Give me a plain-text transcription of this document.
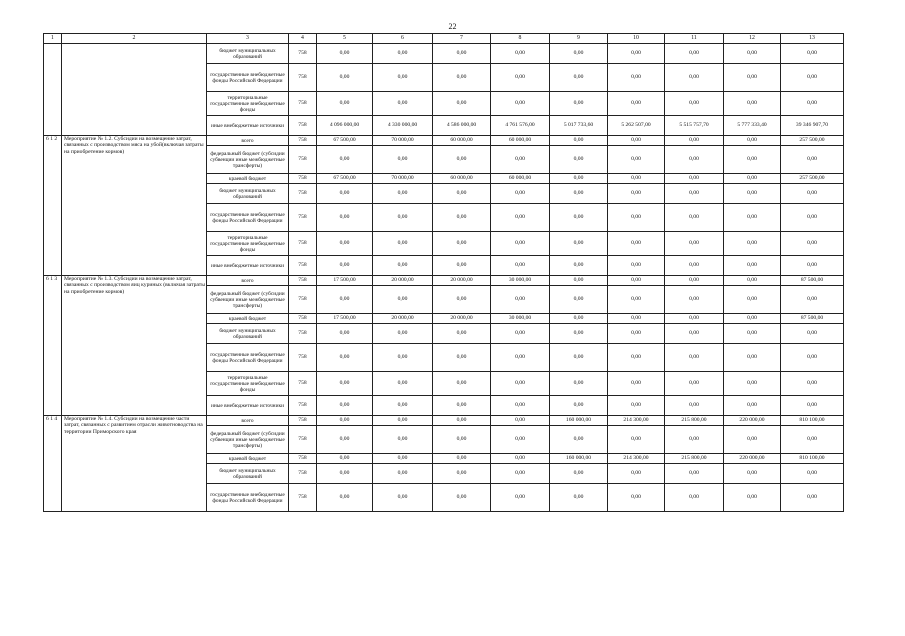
22
1	2	3	4	5	6	7	8	9	10	11	12	13
		бюджет муниципальных образований	758	0,00	0,00	0,00	0,00	0,00	0,00	0,00	0,00	0,00
		государственные внебюджетные фонды Российской Федерации	758	0,00	0,00	0,00	0,00	0,00	0,00	0,00	0,00	0,00
		территориальные государственные внебюджетные фонды	758	0,00	0,00	0,00	0,00	0,00	0,00	0,00	0,00	0,00
		иные внебюджетные источники	758	4 096 000,00	4 330 000,00	4 586 000,00	4 761 576,00	5 017 733,60	5 262 507,00	5 515 757,70	5 777 333,40	39 346 907,70
6 1 2	Мероприятие № 1.2. Субсидии на возмещение затрат, связанных с производством мяса на убой(включая затраты на приобретение кормов)	всего	758	67 500,00	70 000,00	60 000,00	60 000,00	0,00	0,00	0,00	0,00	257 500,00
		федеральный бюджет (субсидии субвенции иные межбюджетные трансферты)	758	0,00	0,00	0,00	0,00	0,00	0,00	0,00	0,00	0,00
		краевой бюджет	758	67 500,00	70 000,00	60 000,00	60 000,00	0,00	0,00	0,00	0,00	257 500,00
		бюджет муниципальных образований	758	0,00	0,00	0,00	0,00	0,00	0,00	0,00	0,00	0,00
		государственные внебюджетные фонды Российской Федерации	758	0,00	0,00	0,00	0,00	0,00	0,00	0,00	0,00	0,00
		территориальные государственные внебюджетные фонды	758	0,00	0,00	0,00	0,00	0,00	0,00	0,00	0,00	0,00
		иные внебюджетные источники	758	0,00	0,00	0,00	0,00	0,00	0,00	0,00	0,00	0,00
6 1 3	Мероприятие № 1.3. Субсидии на возмещение затрат, связанных с производством яиц куриных (включая затраты на приобретение кормов)	всего	758	17 500,00	20 000,00	20 000,00	30 000,00	0,00	0,00	0,00	0,00	87 500,00
		федеральный бюджет (субсидии субвенции иные межбюджетные трансферты)	758	0,00	0,00	0,00	0,00	0,00	0,00	0,00	0,00	0,00
		краевой бюджет	758	17 500,00	20 000,00	20 000,00	30 000,00	0,00	0,00	0,00	0,00	87 500,00
		бюджет муниципальных образований	758	0,00	0,00	0,00	0,00	0,00	0,00	0,00	0,00	0,00
		государственные внебюджетные фонды Российской Федерации	758	0,00	0,00	0,00	0,00	0,00	0,00	0,00	0,00	0,00
		территориальные государственные внебюджетные фонды	758	0,00	0,00	0,00	0,00	0,00	0,00	0,00	0,00	0,00
		иные внебюджетные источники	758	0,00	0,00	0,00	0,00	0,00	0,00	0,00	0,00	0,00
6 1 4	Мероприятие № 1.4. Субсидии на возмещение части затрат, связанных с развитием отрасли животноводства на территории Приморского края	всего	758	0,00	0,00	0,00	0,00	160 000,00	214 300,00	215 800,00	220 000,00	810 100,00
		федеральный бюджет (субсидии субвенции иные межбюджетные трансферты)	758	0,00	0,00	0,00	0,00	0,00	0,00	0,00	0,00	0,00
		краевой бюджет	758	0,00	0,00	0,00	0,00	160 000,00	214 300,00	215 800,00	220 000,00	810 100,00
		бюджет муниципальных образований	758	0,00	0,00	0,00	0,00	0,00	0,00	0,00	0,00	0,00
		государственные внебюджетные фонды Российской Федерации	758	0,00	0,00	0,00	0,00	0,00	0,00	0,00	0,00	0,00
